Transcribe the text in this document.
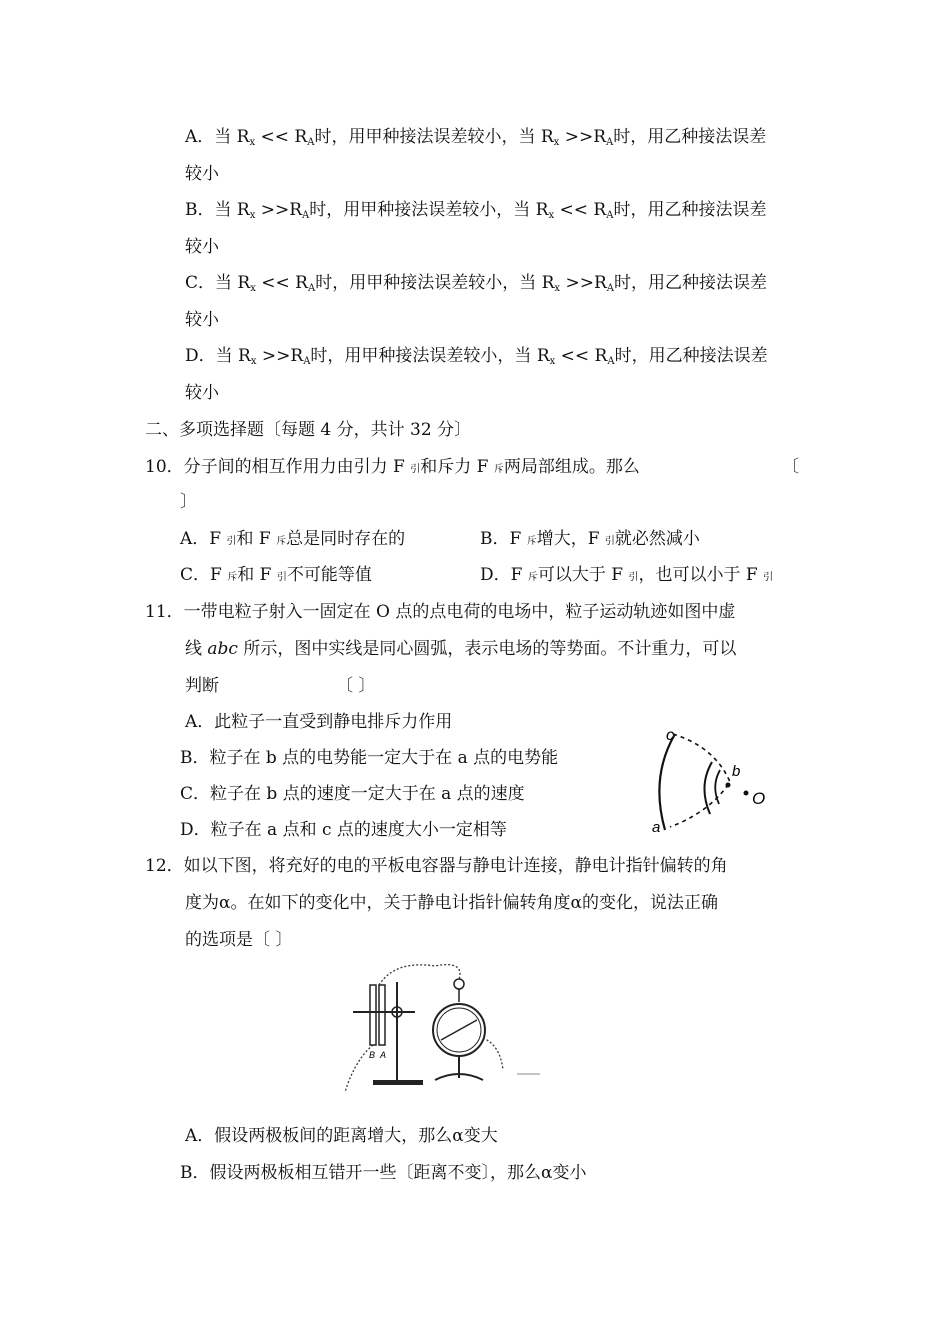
A．当 $R_x << R_A$时，用甲种接法误差较小，当 $R_x >>R_A$时，用乙种接法误差
较小
B．当 $R_x >>R_A$时，用甲种接法误差较小，当 $R_x << R_A$时，用乙种接法误差
较小
C．当 $R_x << R_A$时，用甲种接法误差较小，当 $R_x >>R_A$时，用乙种接法误差
较小
D．当 $R_x >>R_A$时，用甲种接法误差较小，当 $R_x << R_A$时，用乙种接法误差
较小
二、多项选择题〔每题 4 分，共计 32 分〕
10．分子间的相互作用力由引力 F 引和斥力 F 斥两局部组成。那么	〔
〕
A．F 引和 F 斥总是同时存在的	B．F 斥增大，F 引就必然减小
C．F 斥和 F 引不可能等值	D．F 斥可以大于 F 引，也可以小于 F 引
11．一带电粒子射入一固定在 O 点的点电荷的电场中，粒子运动轨迹如图中虚
线 abc 所示，图中实线是同心圆弧，表示电场的等势面。不计重力，可以
判断	〔 〕
A．此粒子一直受到静电排斥力作用
B．粒子在 b 点的电势能一定大于在 a 点的电势能
C．粒子在 b 点的速度一定大于在 a 点的速度
D．粒子在 a 点和 c 点的速度大小一定相等
c
b
O
a
12．如以下图，将充好的电的平板电容器与静电计连接，静电计指针偏转的角
度为α。在如下的变化中，关于静电计指针偏转角度α的变化，说法正确
的选项是〔 〕
B A
A．假设两极板间的距离增大，那么α变大
B．假设两极板相互错开一些〔距离不变〕，那么α变小
